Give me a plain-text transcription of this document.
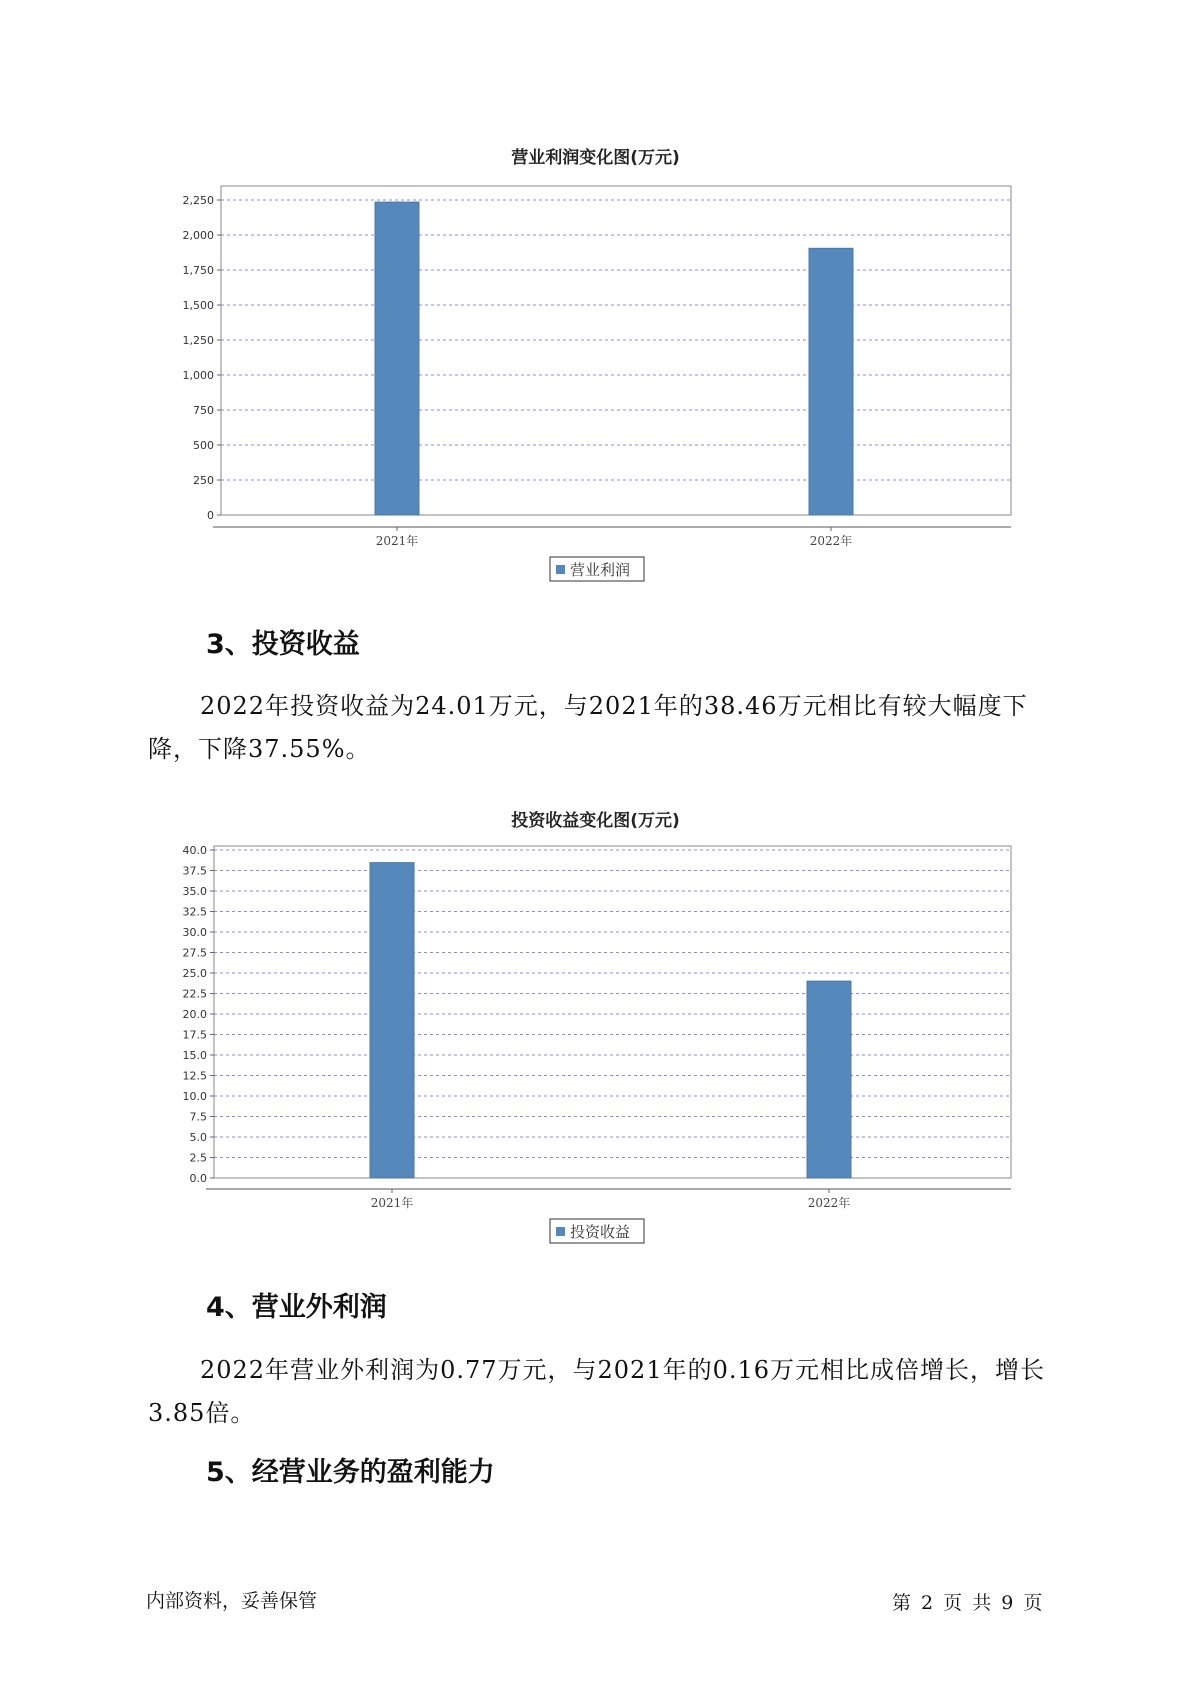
营业利润变化图(万元)
0
250
500
750
1,000
1,250
1,500
1,750
2,000
2,250
2021年	2022年
营业利润
3、投资收益
2022年投资收益为24.01万元，与2021年的38.46万元相比有较大幅度下降，下降37.55%。
投资收益变化图(万元)
0.0
2.5
5.0
7.5
10.0
12.5
15.0
17.5
20.0
22.5
25.0
27.5
30.0
32.5
35.0
37.5
40.0
2021年	2022年
投资收益
4、营业外利润
2022年营业外利润为0.77万元，与2021年的0.16万元相比成倍增长，增长3.85倍。
5、经营业务的盈利能力
内部资料，妥善保管	第 2 页 共 9 页
